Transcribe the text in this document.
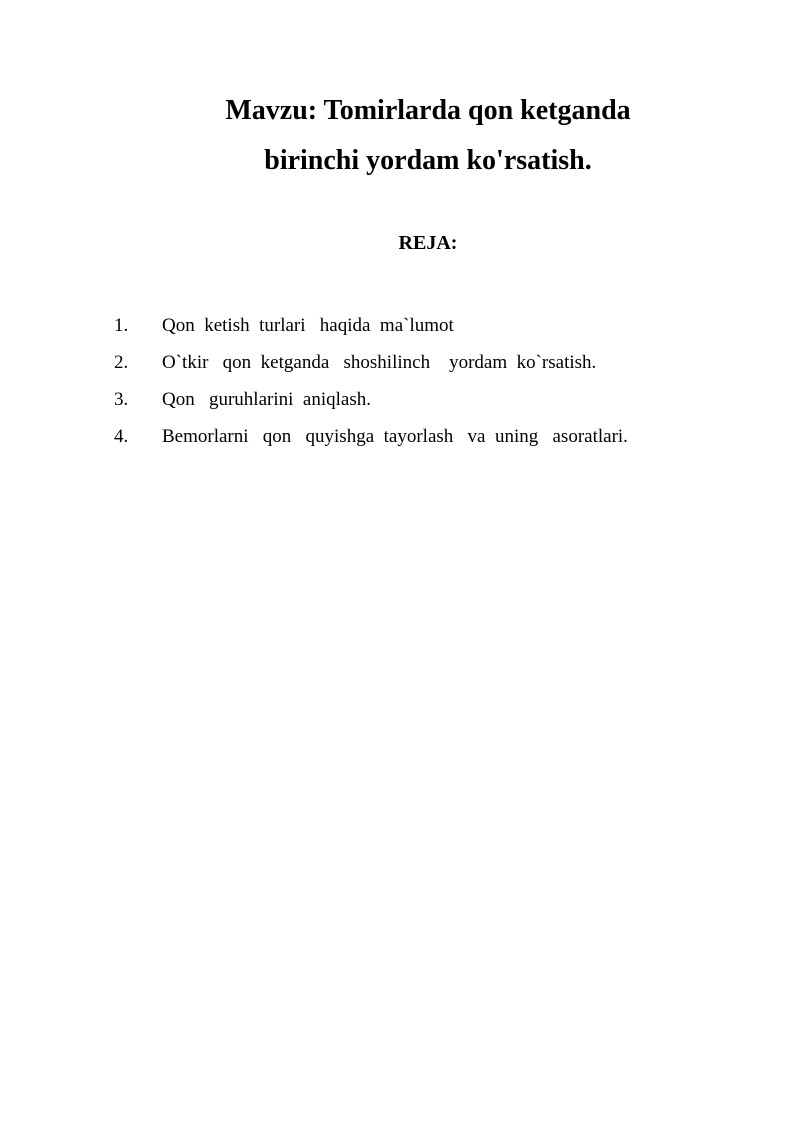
Mavzu: Tomirlarda qon ketganda
birinchi yordam ko'rsatish.
REJA:

1.

Qon  ketish  turlari   haqida  ma`lumot

2.

O`tkir   qon  ketganda   shoshilinch    yordam  ko`rsatish.

3.

Qon   guruhlarini  aniqlash.

4.

Bemorlarni   qon   quyishga  tayorlash   va  uning   asoratlari.
